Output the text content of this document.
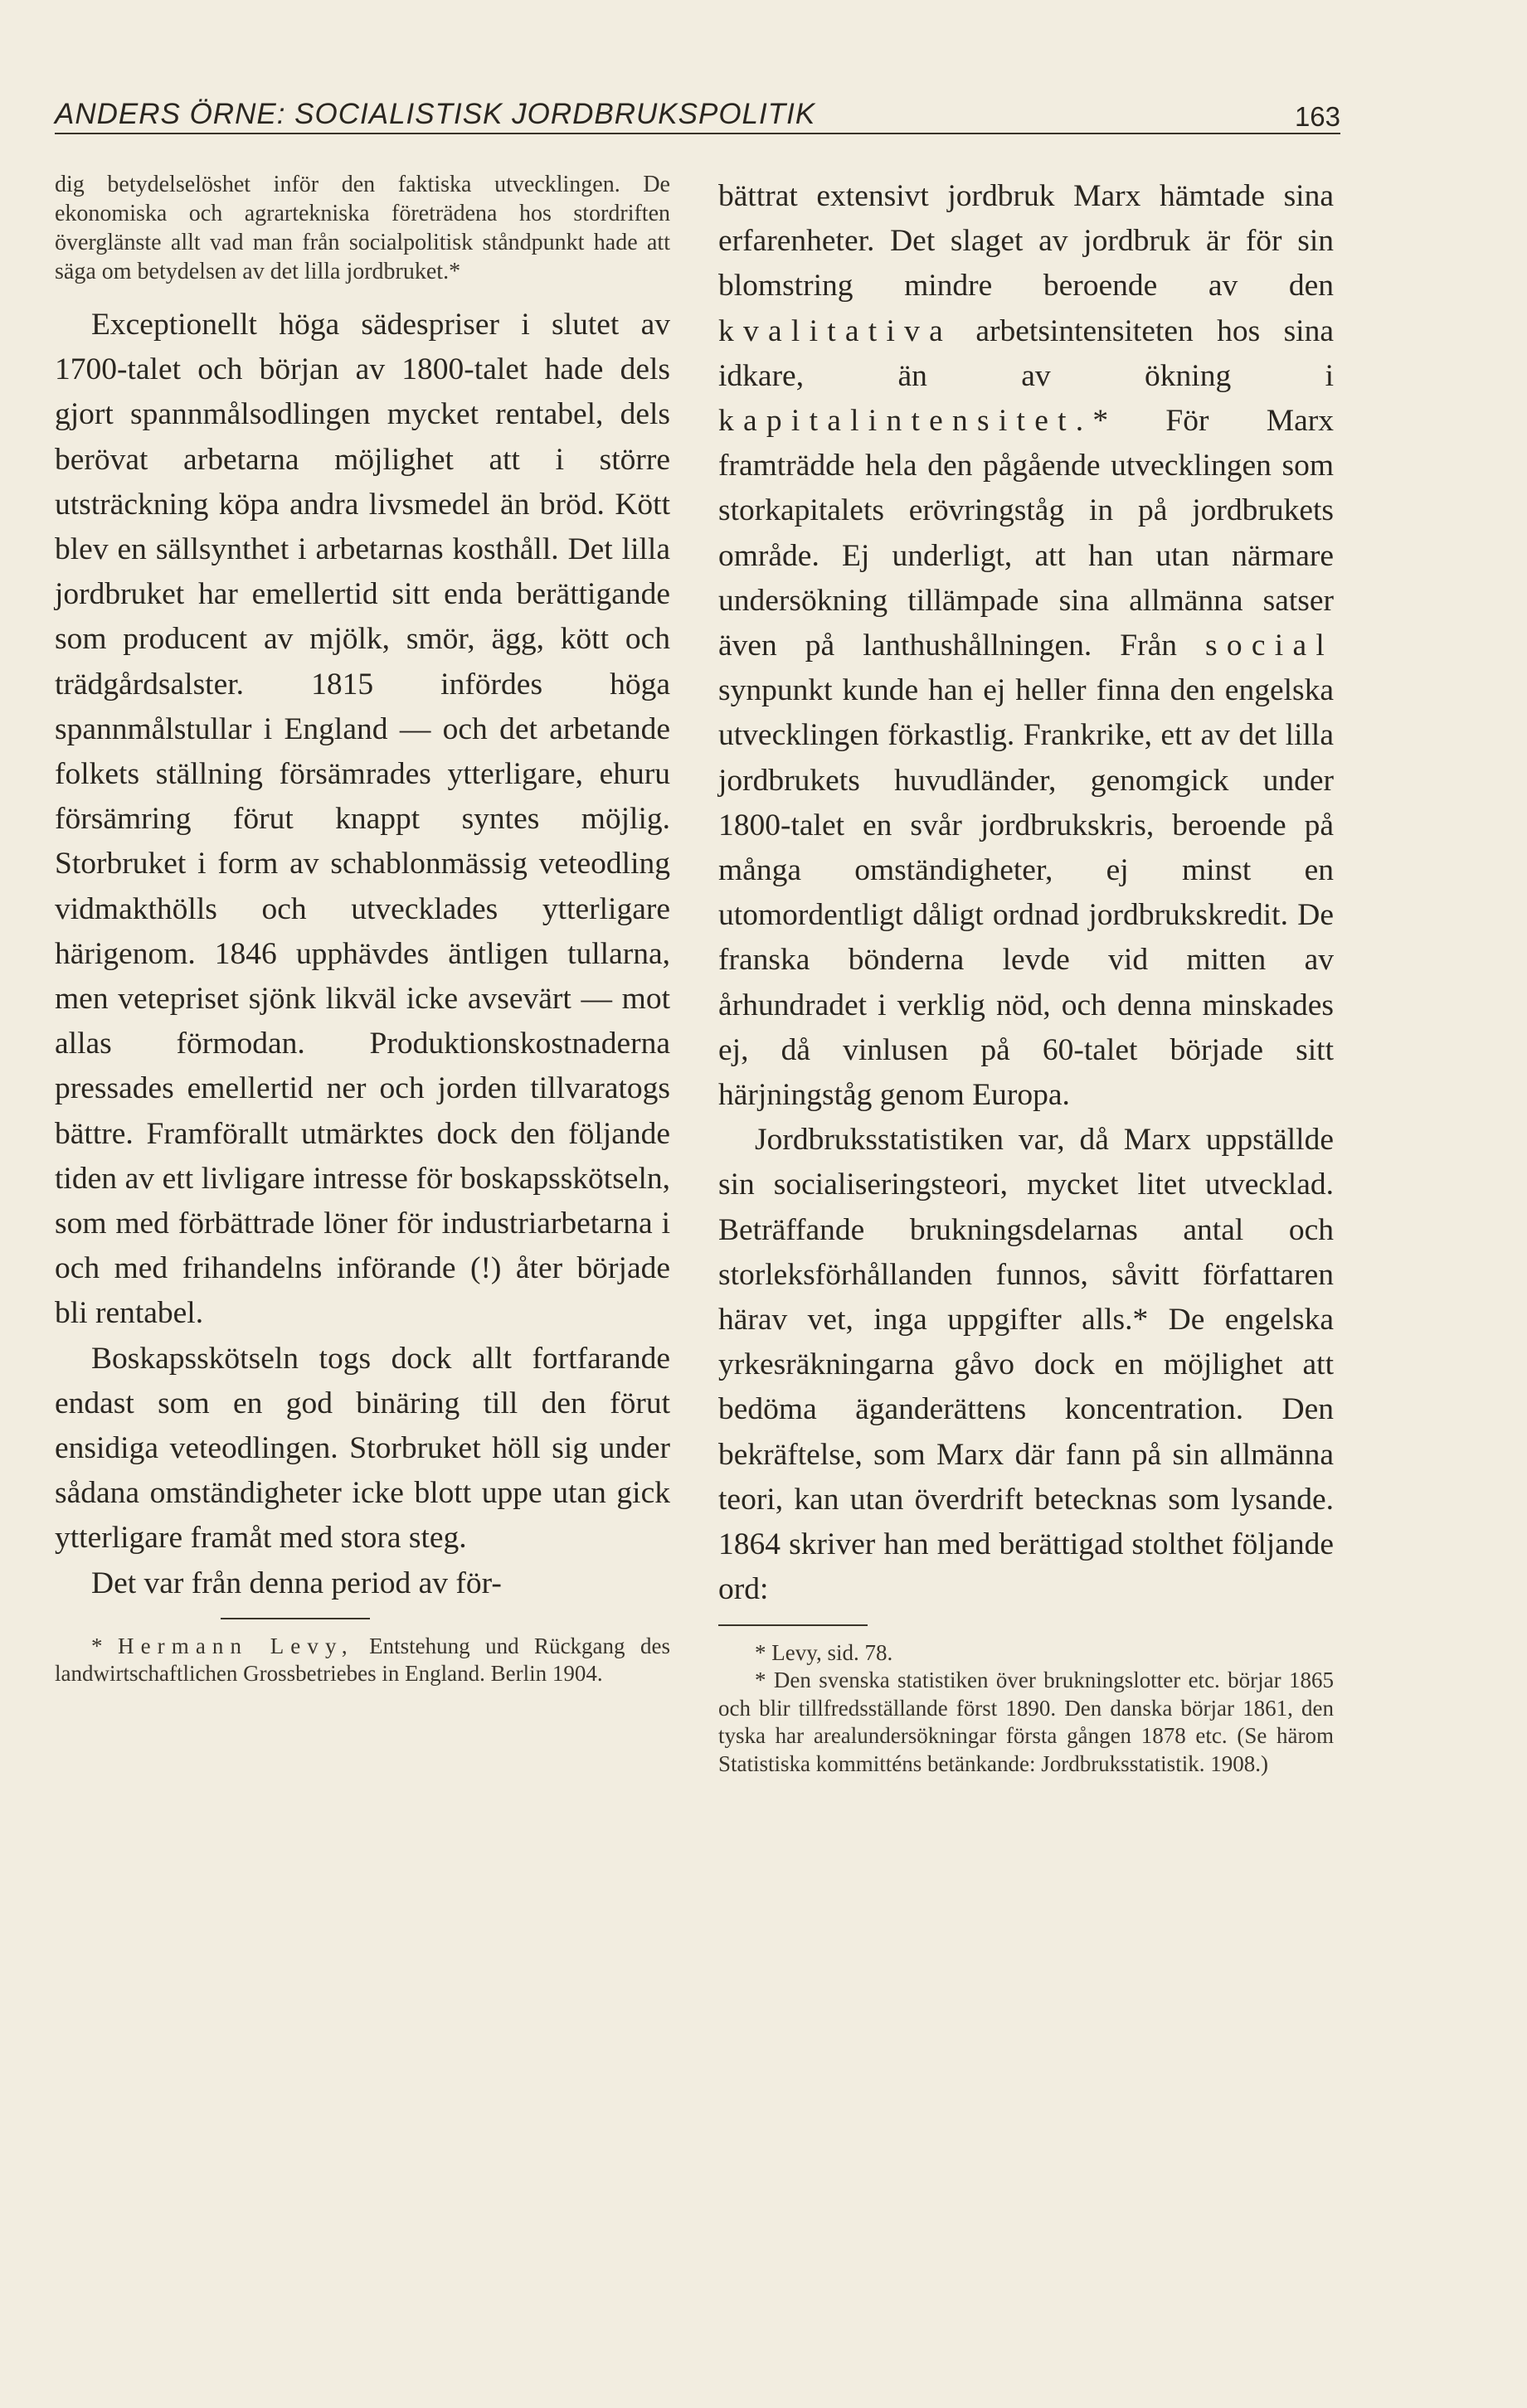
ANDERS ÖRNE: SOCIALISTISK JORDBRUKSPOLITIK	163

dig betydelselöshet inför den faktiska utvecklingen. De ekonomiska och agrartekniska företrädena hos stordriften överglänste allt vad man från socialpolitisk ståndpunkt hade att säga om betydelsen av det lilla jordbruket.*

Exceptionellt höga sädespriser i slutet av 1700-talet och början av 1800-talet hade dels gjort spannmålsodlingen mycket rentabel, dels berövat arbetarna möjlighet att i större utsträckning köpa andra livsmedel än bröd. Kött blev en sällsynthet i arbetarnas kosthåll. Det lilla jordbruket har emellertid sitt enda berättigande som producent av mjölk, smör, ägg, kött och trädgårdsalster. 1815 infördes höga spannmålstullar i England — och det arbetande folkets ställning försämrades ytterligare, ehuru försämring förut knappt syntes möjlig. Storbruket i form av schablonmässig veteodling vidmakthölls och utvecklades ytterligare härigenom. 1846 upphävdes äntligen tullarna, men vetepriset sjönk likväl icke avsevärt — mot allas förmodan. Produktionskostnaderna pressades emellertid ner och jorden tillvaratogs bättre. Framförallt utmärktes dock den följande tiden av ett livligare intresse för boskapsskötseln, som med förbättrade löner för industriarbetarna i och med frihandelns införande (!) åter började bli rentabel.

Boskapsskötseln togs dock allt fortfarande endast som en god binäring till den förut ensidiga veteodlingen. Storbruket höll sig under sådana omständigheter icke blott uppe utan gick ytterligare framåt med stora steg.

Det var från denna period av för-

* Hermann Levy, Entstehung und Rückgang des landwirtschaftlichen Grossbetriebes in England. Berlin 1904.

bättrat extensivt jordbruk Marx hämtade sina erfarenheter. Det slaget av jordbruk är för sin blomstring mindre beroende av den kvalitativa arbetsintensiteten hos sina idkare, än av ökning i kapitalintensitet.* För Marx framträdde hela den pågående utvecklingen som storkapitalets erövringståg in på jordbrukets område. Ej underligt, att han utan närmare undersökning tillämpade sina allmänna satser även på lanthushållningen. Från social synpunkt kunde han ej heller finna den engelska utvecklingen förkastlig. Frankrike, ett av det lilla jordbrukets huvudländer, genomgick under 1800-talet en svår jordbrukskris, beroende på många omständigheter, ej minst en utomordentligt dåligt ordnad jordbrukskredit. De franska bönderna levde vid mitten av århundradet i verklig nöd, och denna minskades ej, då vinlusen på 60-talet började sitt härjningståg genom Europa.

Jordbruksstatistiken var, då Marx uppställde sin socialiseringsteori, mycket litet utvecklad. Beträffande brukningsdelarnas antal och storleksförhållanden funnos, såvitt författaren härav vet, inga uppgifter alls.* De engelska yrkesräkningarna gåvo dock en möjlighet att bedöma äganderättens koncentration. Den bekräftelse, som Marx där fann på sin allmänna teori, kan utan överdrift betecknas som lysande. 1864 skriver han med berättigad stolthet följande ord:

* Levy, sid. 78.

* Den svenska statistiken över brukningslotter etc. börjar 1865 och blir tillfredsställande först 1890. Den danska börjar 1861, den tyska har arealundersökningar första gången 1878 etc. (Se härom Statistiska kommitténs betänkande: Jordbruksstatistik. 1908.)
